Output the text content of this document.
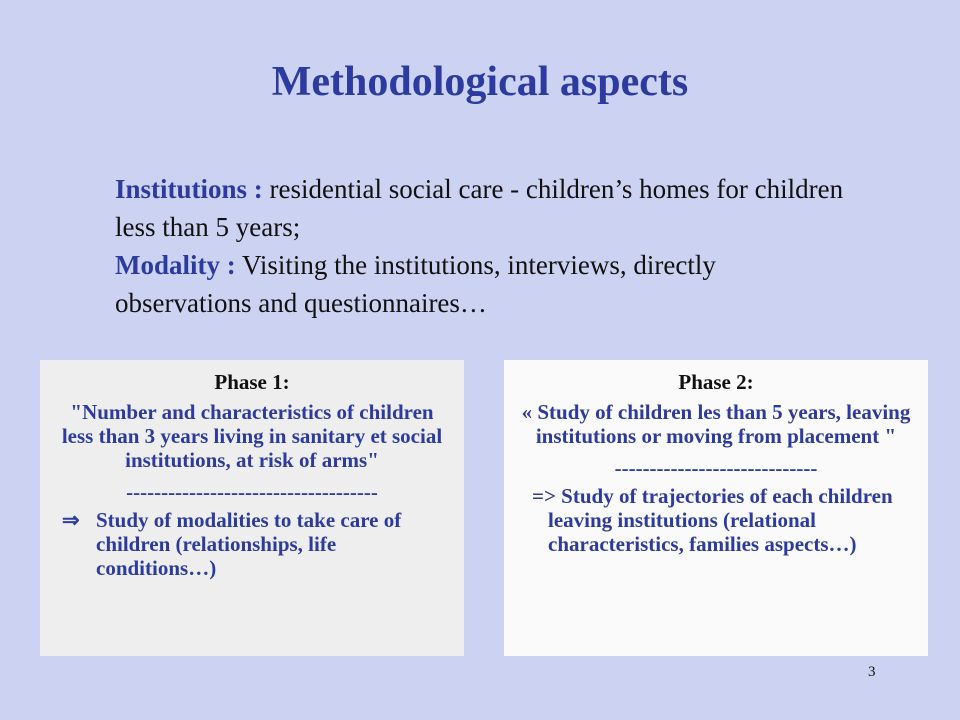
Methodological aspects

Institutions : residential social care - children’s homes for children less than 5 years;

Modality : Visiting the institutions, interviews, directly observations and questionnaires…

Phase 1:
"Number and characteristics of children less than 3 years living in sanitary et social institutions, at risk of arms"
------------------------------------
⇒ Study of modalities to take care of children (relationships, life conditions…)
Phase 2:
« Study of children les than 5 years, leaving institutions or moving from placement "
-----------------------------
=> Study of trajectories of each children leaving institutions (relational characteristics, families aspects…)
3
